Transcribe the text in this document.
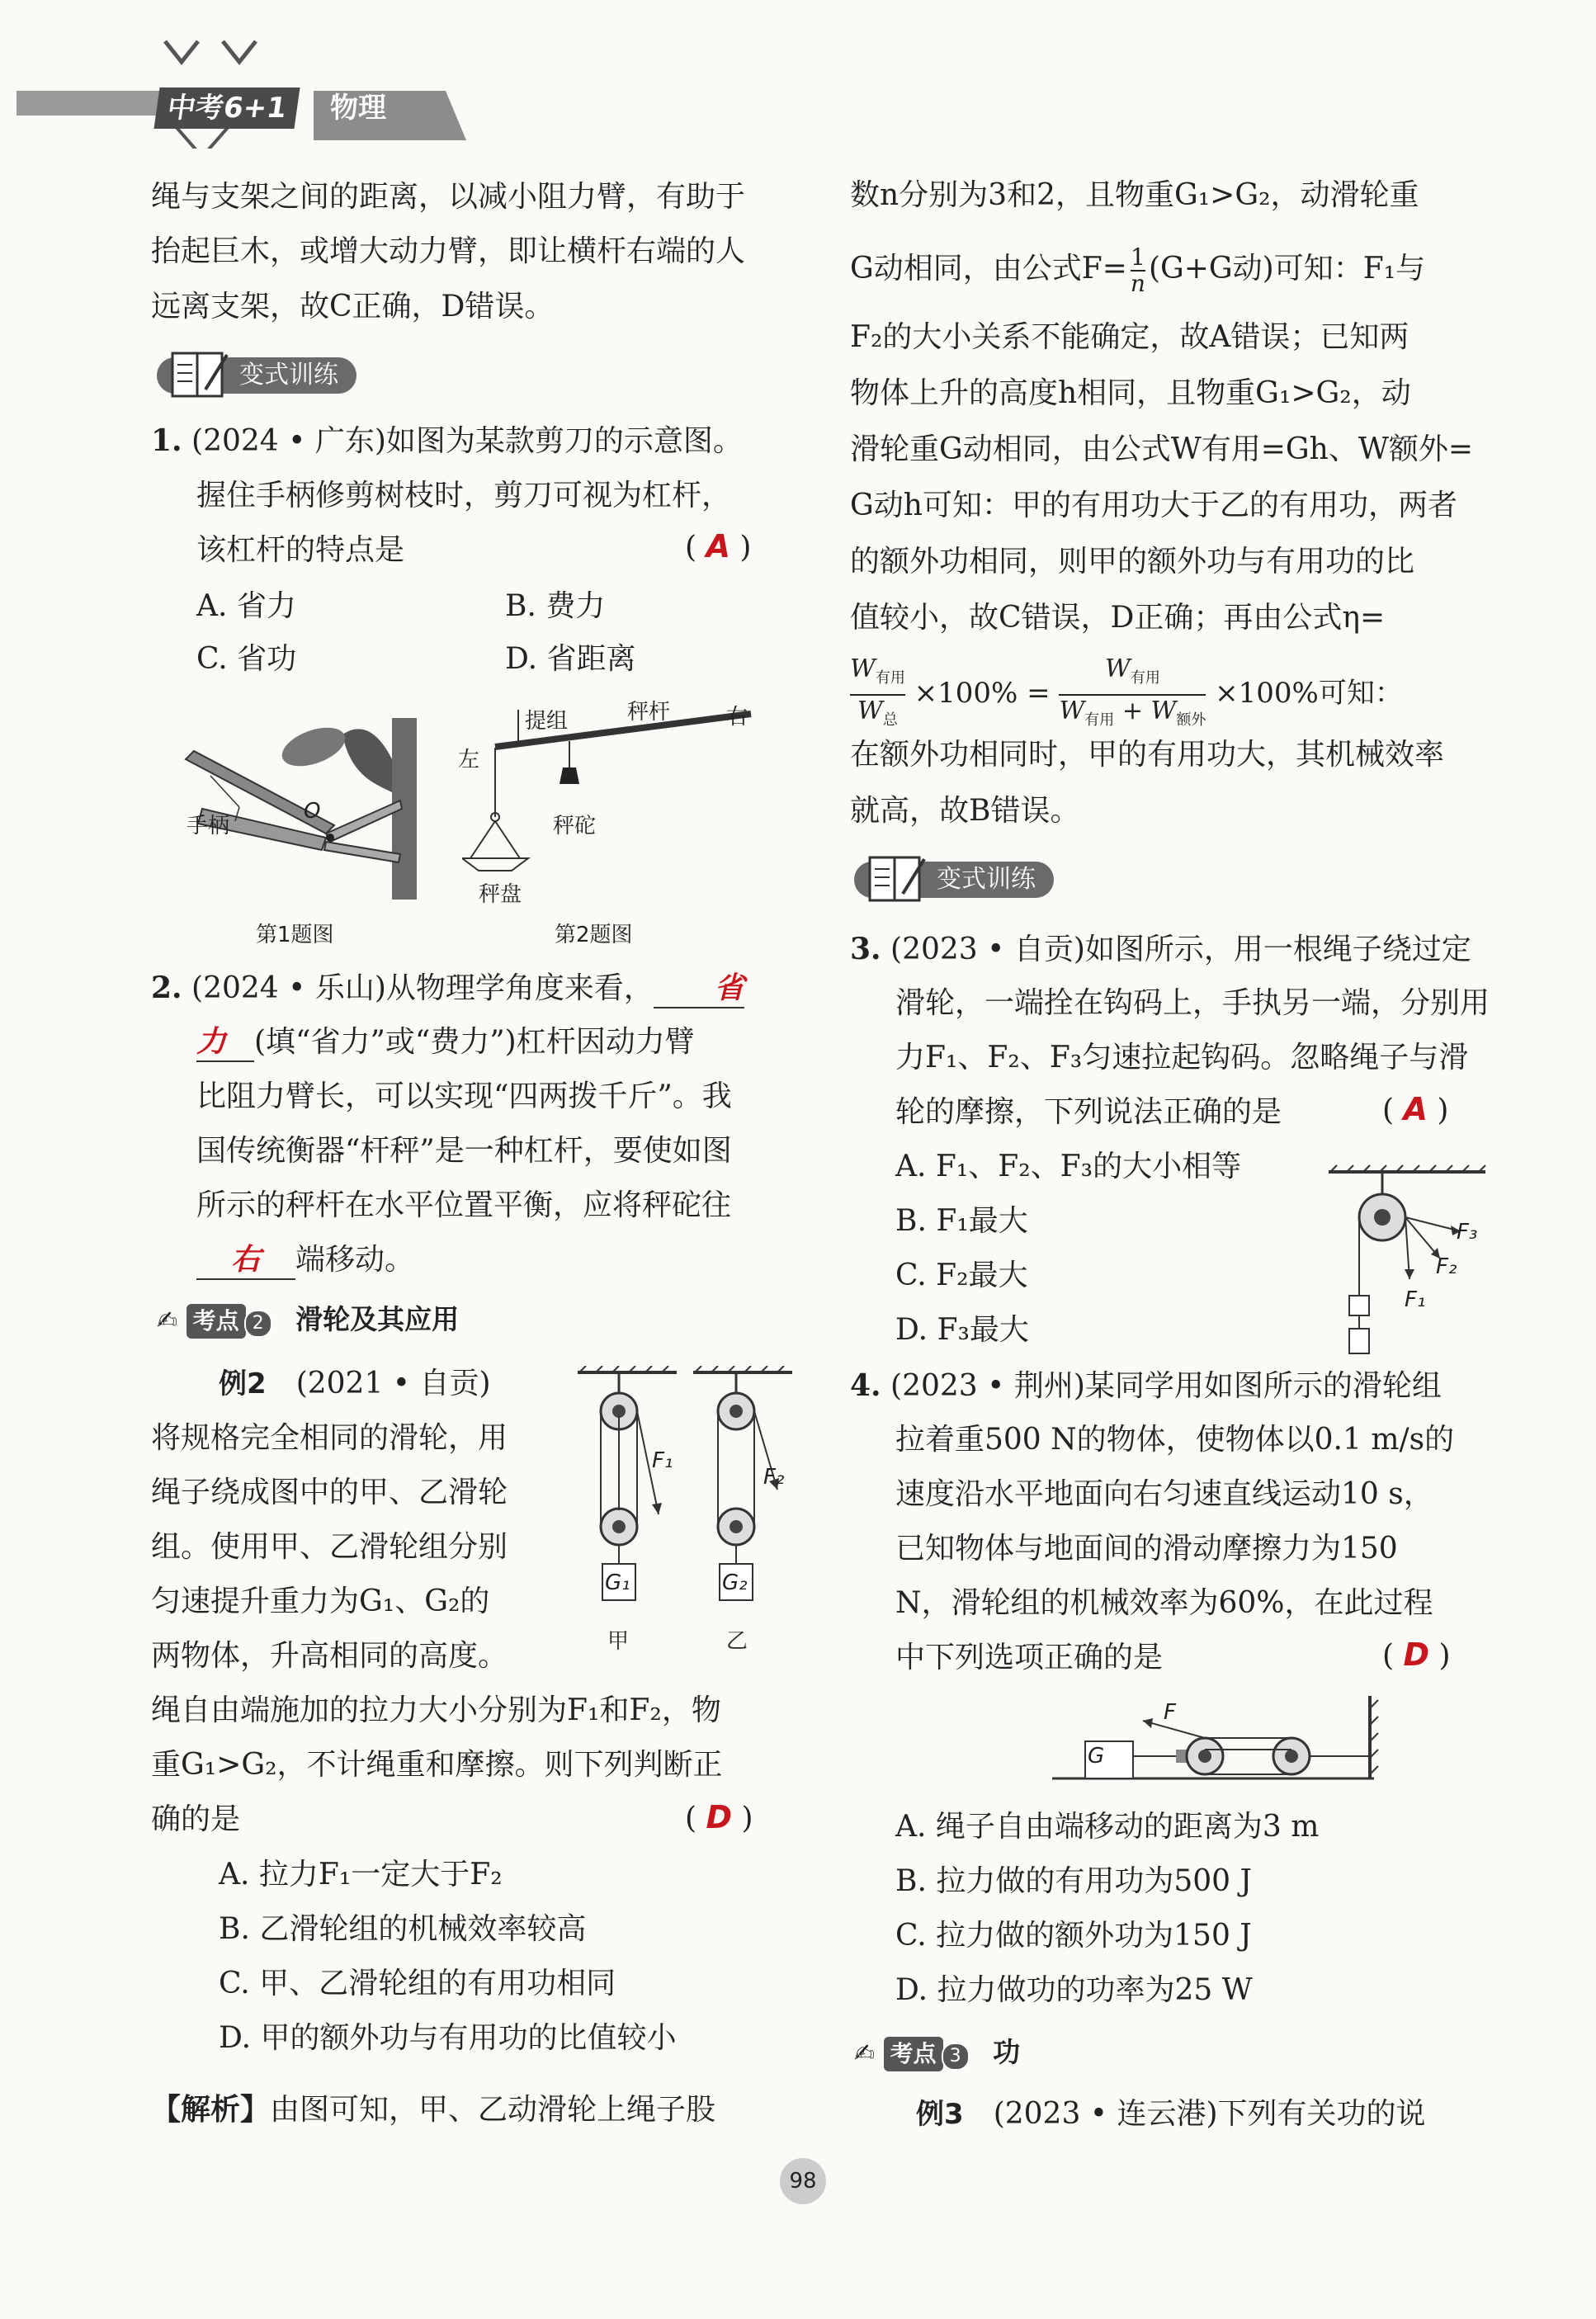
中考6+1	物理
绳与支架之间的距离，以减小阻力臂，有助于
抬起巨木，或增大动力臂，即让横杆右端的人
远离支架，故C正确，D错误。
变式训练
1. (2024 • 广东)如图为某款剪刀的示意图。
握住手柄修剪树枝时，剪刀可视为杠杆，
该杠杆的特点是	( A )
A. 省力	B. 费力
C. 省功	D. 省距离
手柄
O
第1题图
提组	秤杆
左
右
秤砣
秤盘
第2题图
2. (2024 • 乐山)从物理学角度来看， 省
力 (填“省力”或“费力”)杠杆因动力臂
比阻力臂长，可以实现“四两拨千斤”。我
国传统衡器“杆秤”是一种杠杆，要使如图
所示的秤杆在水平位置平衡，应将秤砣往
右 端移动。
✍ 考点 2 滑轮及其应用
例2　 (2021 • 自贡)
将规格完全相同的滑轮，用
绳子绕成图中的甲、乙滑轮
组。使用甲、乙滑轮组分别
匀速提升重力为G₁、G₂的
两物体，升高相同的高度。
F₁
F₂
G₁	G₂
甲	乙
绳自由端施加的拉力大小分别为F₁和F₂，物
重G₁>G₂，不计绳重和摩擦。则下列判断正
确的是	( D )
A. 拉力F₁一定大于F₂
B. 乙滑轮组的机械效率较高
C. 甲、乙滑轮组的有用功相同
D. 甲的额外功与有用功的比值较小
【解析】由图可知，甲、乙动滑轮上绳子股
数n分别为3和2，且物重G₁>G₂，动滑轮重
G动相同，由公式$F= \frac{1}{n} (G+G$动)可知：F₁与
F₂的大小关系不能确定，故A错误；已知两
物体上升的高度h相同，且物重G₁>G₂，动
滑轮重G动相同，由公式W有用=Gh、W额外=
G动h可知：甲的有用功大于乙的有用功，两者
的额外功相同，则甲的额外功与有用功的比
值较小，故C错误，D正确；再由公式η=
$W_{有用}$
$W_总$
×100% =
$W_{有用}$
$W_{有用} + W_{额外}$
×100%可知：
在额外功相同时，甲的有用功大，其机械效率
就高，故B错误。
变式训练
3. (2023 • 自贡)如图所示，用一根绳子绕过定
滑轮，一端拴在钩码上，手执另一端，分别用
力F₁、F₂、F₃匀速拉起钩码。忽略绳子与滑
轮的摩擦，下列说法正确的是	( A )
A. F₁、F₂、F₃的大小相等
B. F₁最大
C. F₂最大
D. F₃最大
F₃
F₂
F₁
4. (2023 • 荆州)某同学用如图所示的滑轮组
拉着重500 N的物体，使物体以0.1 m/s的
速度沿水平地面向右匀速直线运动10 s，
已知物体与地面间的滑动摩擦力为150
N，滑轮组的机械效率为60%，在此过程
中下列选项正确的是	( D )
G
F
A. 绳子自由端移动的距离为3 m
B. 拉力做的有用功为500 J
C. 拉力做的额外功为150 J
D. 拉力做功的功率为25 W
✍ 考点 3 功
例3　 (2023 • 连云港)下列有关功的说
98
